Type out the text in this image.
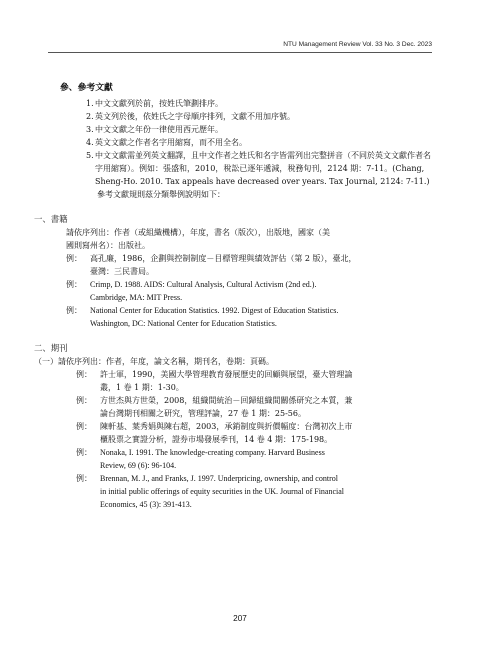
NTU Management Review Vol. 33 No. 3 Dec. 2023
參、參考文獻
1. 中文文獻列於前，按姓氏筆劃排序。
2. 英文列於後，依姓氏之字母順序排列，文獻不用加序號。
3. 中文文獻之年份一律使用西元歷年。
4. 英文文獻之作者名字用縮寫，而不用全名。
5. 中文文獻需並列英文翻譯，且中文作者之姓氏和名字皆需列出完整拼音（不同於英文文獻作者名字用縮寫）。例如：張盛和，2010，稅訟已逐年遞減，稅務旬刊，2124 期：7-11。(Chang, Sheng-Ho. 2010. Tax appeals have decreased over years. Tax Journal, 2124: 7-11.)
參考文獻規則茲分類舉例說明如下：
一、書籍
請依序列出：作者（或組織機構），年度，書名（版次），出版地，國家（美
國則寫州名）：出版社。
例：	高孔廉，1986，企劃與控制制度－目標管理與績效評估（第 2 版），臺北，
臺灣：三民書局。
例：	Crimp, D. 1988. AIDS: Cultural Analysis, Cultural Activism (2nd ed.).
Cambridge, MA: MIT Press.
例：	National Center for Education Statistics. 1992. Digest of Education Statistics.
Washington, DC: National Center for Education Statistics.
二、期刊
（一）請依序列出：作者，年度，論文名稱，期刊名，卷期：頁碼。
例：	許士軍，1990，美國大學管理教育發展歷史的回顧與展望，臺大管理論
叢，1 卷 1 期：1-30。
例：	方世杰與方世榮，2008，組織間統治－回歸組織間關係研究之本質，兼
論台灣期刊相關之研究，管理評論，27 卷 1 期：25-56。
例：	陳軒基、葉秀娟與陳右超，2003，承銷制度與折價幅度：台灣初次上市
櫃股票之實證分析，證券市場發展季刊，14 卷 4 期：175-198。
例：	Nonaka, I. 1991. The knowledge-creating company. Harvard Business
Review, 69 (6): 96-104.
例：	Brennan, M. J., and Franks, J. 1997. Underpricing, ownership, and control
in initial public offerings of equity securities in the UK. Journal of Financial
Economics, 45 (3): 391-413.
207
